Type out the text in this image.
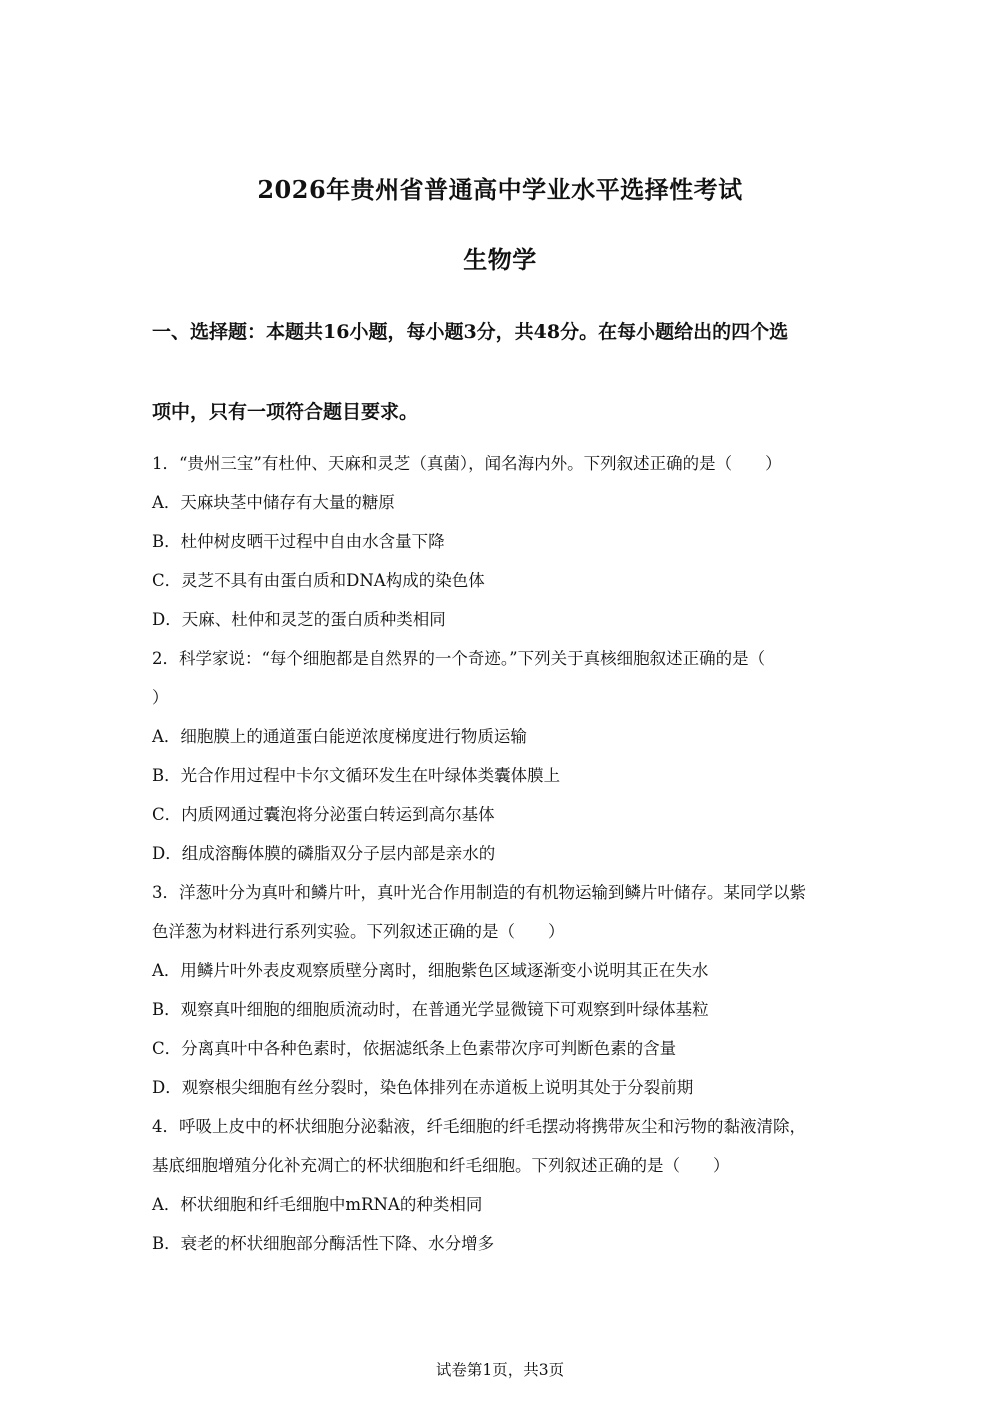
2026年贵州省普通高中学业水平选择性考试
生物学
一、选择题：本题共16小题，每小题3分，共48分。在每小题给出的四个选
项中，只有一项符合题目要求。
1．“贵州三宝”有杜仲、天麻和灵芝（真菌），闻名海内外。下列叙述正确的是（　　）
A．天麻块茎中储存有大量的糖原
B．杜仲树皮晒干过程中自由水含量下降
C．灵芝不具有由蛋白质和DNA构成的染色体
D．天麻、杜仲和灵芝的蛋白质种类相同
2．科学家说：“每个细胞都是自然界的一个奇迹。”下列关于真核细胞叙述正确的是（
）
A．细胞膜上的通道蛋白能逆浓度梯度进行物质运输
B．光合作用过程中卡尔文循环发生在叶绿体类囊体膜上
C．内质网通过囊泡将分泌蛋白转运到高尔基体
D．组成溶酶体膜的磷脂双分子层内部是亲水的
3．洋葱叶分为真叶和鳞片叶，真叶光合作用制造的有机物运输到鳞片叶储存。某同学以紫
色洋葱为材料进行系列实验。下列叙述正确的是（　　）
A．用鳞片叶外表皮观察质壁分离时，细胞紫色区域逐渐变小说明其正在失水
B．观察真叶细胞的细胞质流动时，在普通光学显微镜下可观察到叶绿体基粒
C．分离真叶中各种色素时，依据滤纸条上色素带次序可判断色素的含量
D．观察根尖细胞有丝分裂时，染色体排列在赤道板上说明其处于分裂前期
4．呼吸上皮中的杯状细胞分泌黏液，纤毛细胞的纤毛摆动将携带灰尘和污物的黏液清除，
基底细胞增殖分化补充凋亡的杯状细胞和纤毛细胞。下列叙述正确的是（　　）
A．杯状细胞和纤毛细胞中mRNA的种类相同
B．衰老的杯状细胞部分酶活性下降、水分增多
试卷第1页，共3页
